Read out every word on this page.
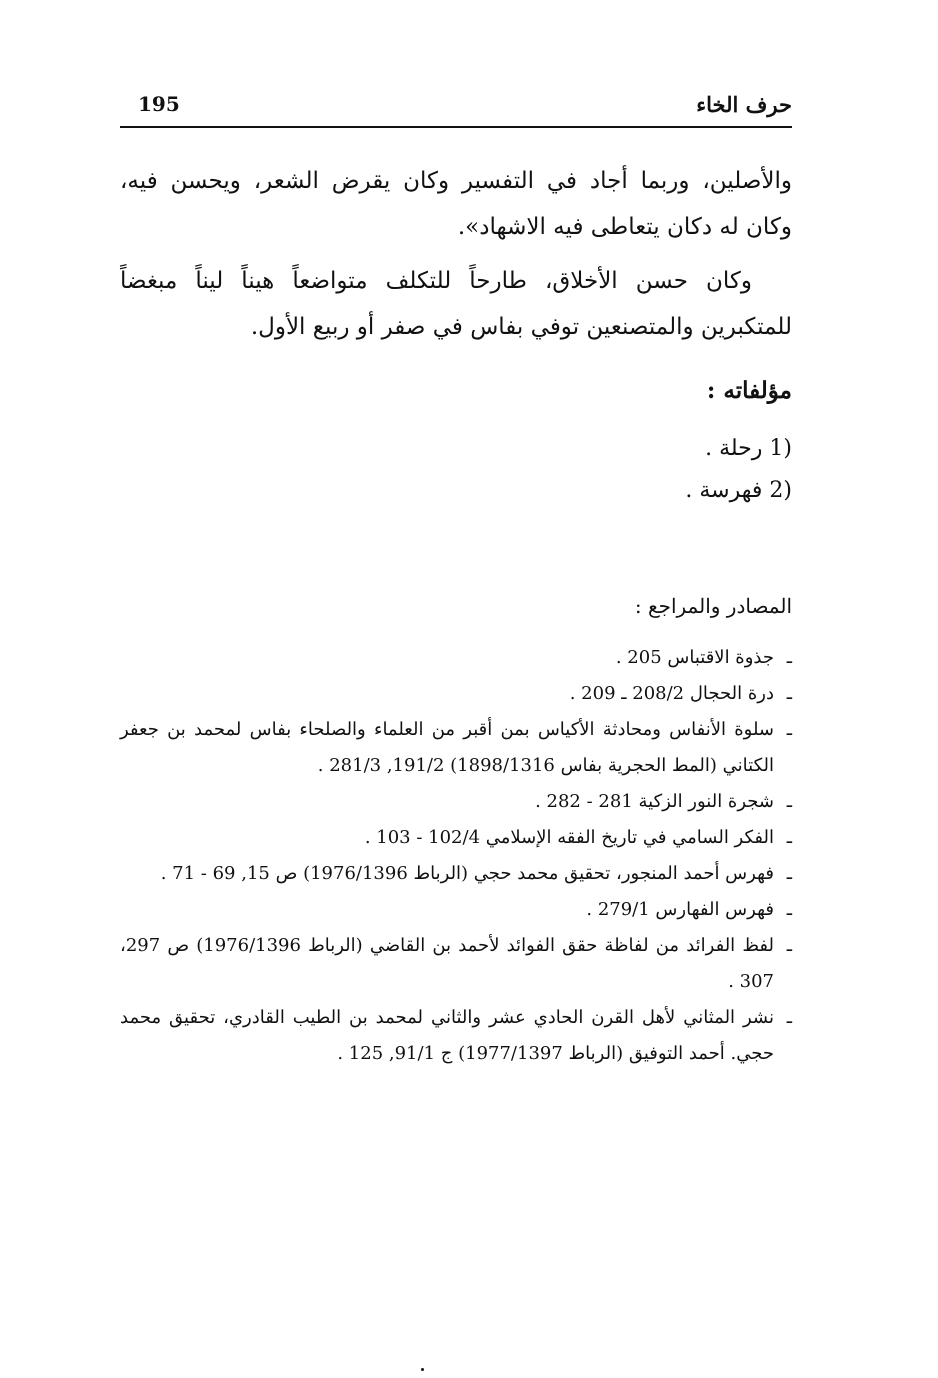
195	حرف الخاء

والأصلين، وربما أجاد في التفسير وكان يقرض الشعر، ويحسن فيه، وكان له دكان يتعاطى فيه الاشهاد».

وكان حسن الأخلاق، طارحاً للتكلف متواضعاً هيناً ليناً مبغضاً للمتكبرين والمتصنعين توفي بفاس في صفر أو ربيع الأول.

مؤلفاته :
1) رحلة .
2) فهرسة .
المصادر والمراجع :
ـ
جذوة الاقتباس 205 .
ـ
درة الحجال 208/2 ـ 209 .
ـ
سلوة الأنفاس ومحادثة الأكياس بمن أقبر من العلماء والصلحاء بفاس لمحمد بن جعفر الكتاني (المط الحجرية بفاس 1898/1316) 191/2, 281/3 .
ـ
شجرة النور الزكية 281 - 282 .
ـ
الفكر السامي في تاريخ الفقه الإسلامي 102/4 - 103 .
ـ
فهرس أحمد المنجور، تحقيق محمد حجي (الرباط 1976/1396) ص 15, 69 - 71 .
ـ
فهرس الفهارس 279/1 .
ـ
لفظ الفرائد من لفاظة حقق الفوائد لأحمد بن القاضي (الرباط 1976/1396) ص 297، 307 .
ـ
نشر المثاني لأهل القرن الحادي عشر والثاني لمحمد بن الطيب القادري، تحقيق محمد حجي. أحمد التوفيق (الرباط 1977/1397) ج 91/1, 125 .
